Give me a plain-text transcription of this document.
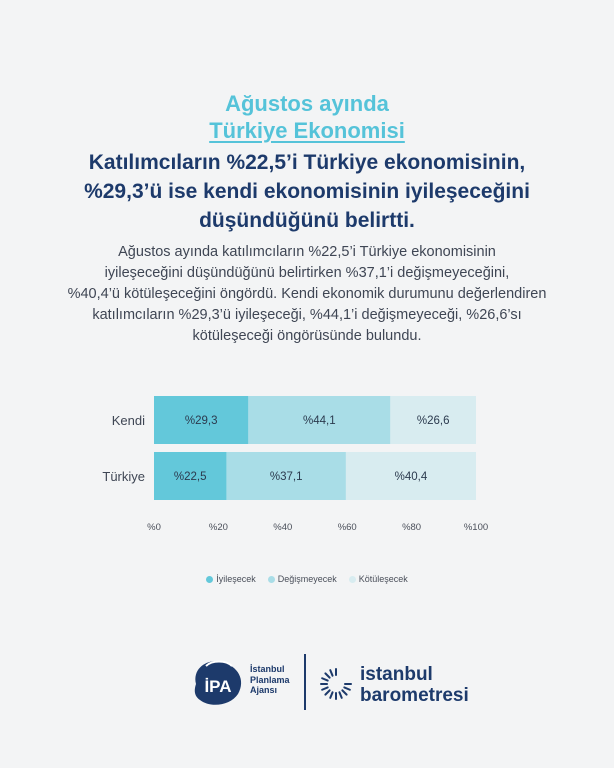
Ağustos ayında
Türkiye Ekonomisi
Katılımcıların %22,5’i Türkiye ekonomisinin,
%29,3’ü ise kendi ekonomisinin iyileşeceğini
düşündüğünü belirtti.
Ağustos ayında katılımcıların %22,5’i Türkiye ekonomisinin
iyileşeceğini düşündüğünü belirtirken %37,1’i değişmeyeceğini,
%40,4’ü kötüleşeceğini öngördü. Kendi ekonomik durumunu değerlendiren
katılımcıların %29,3’ü iyileşeceği, %44,1’i değişmeyeceği, %26,6’sı
kötüleşeceği öngörüsünde bulundu.
Kendi	%29,3	%44,1	%26,6
Türkiye	%22,5	%37,1	%40,4
%0	%20	%40	%60	%80	%100
İyileşecek Değişmeyecek Kötüleşecek
İPA
İstanbul
Planlama
Ajansı
istanbul
barometresi
